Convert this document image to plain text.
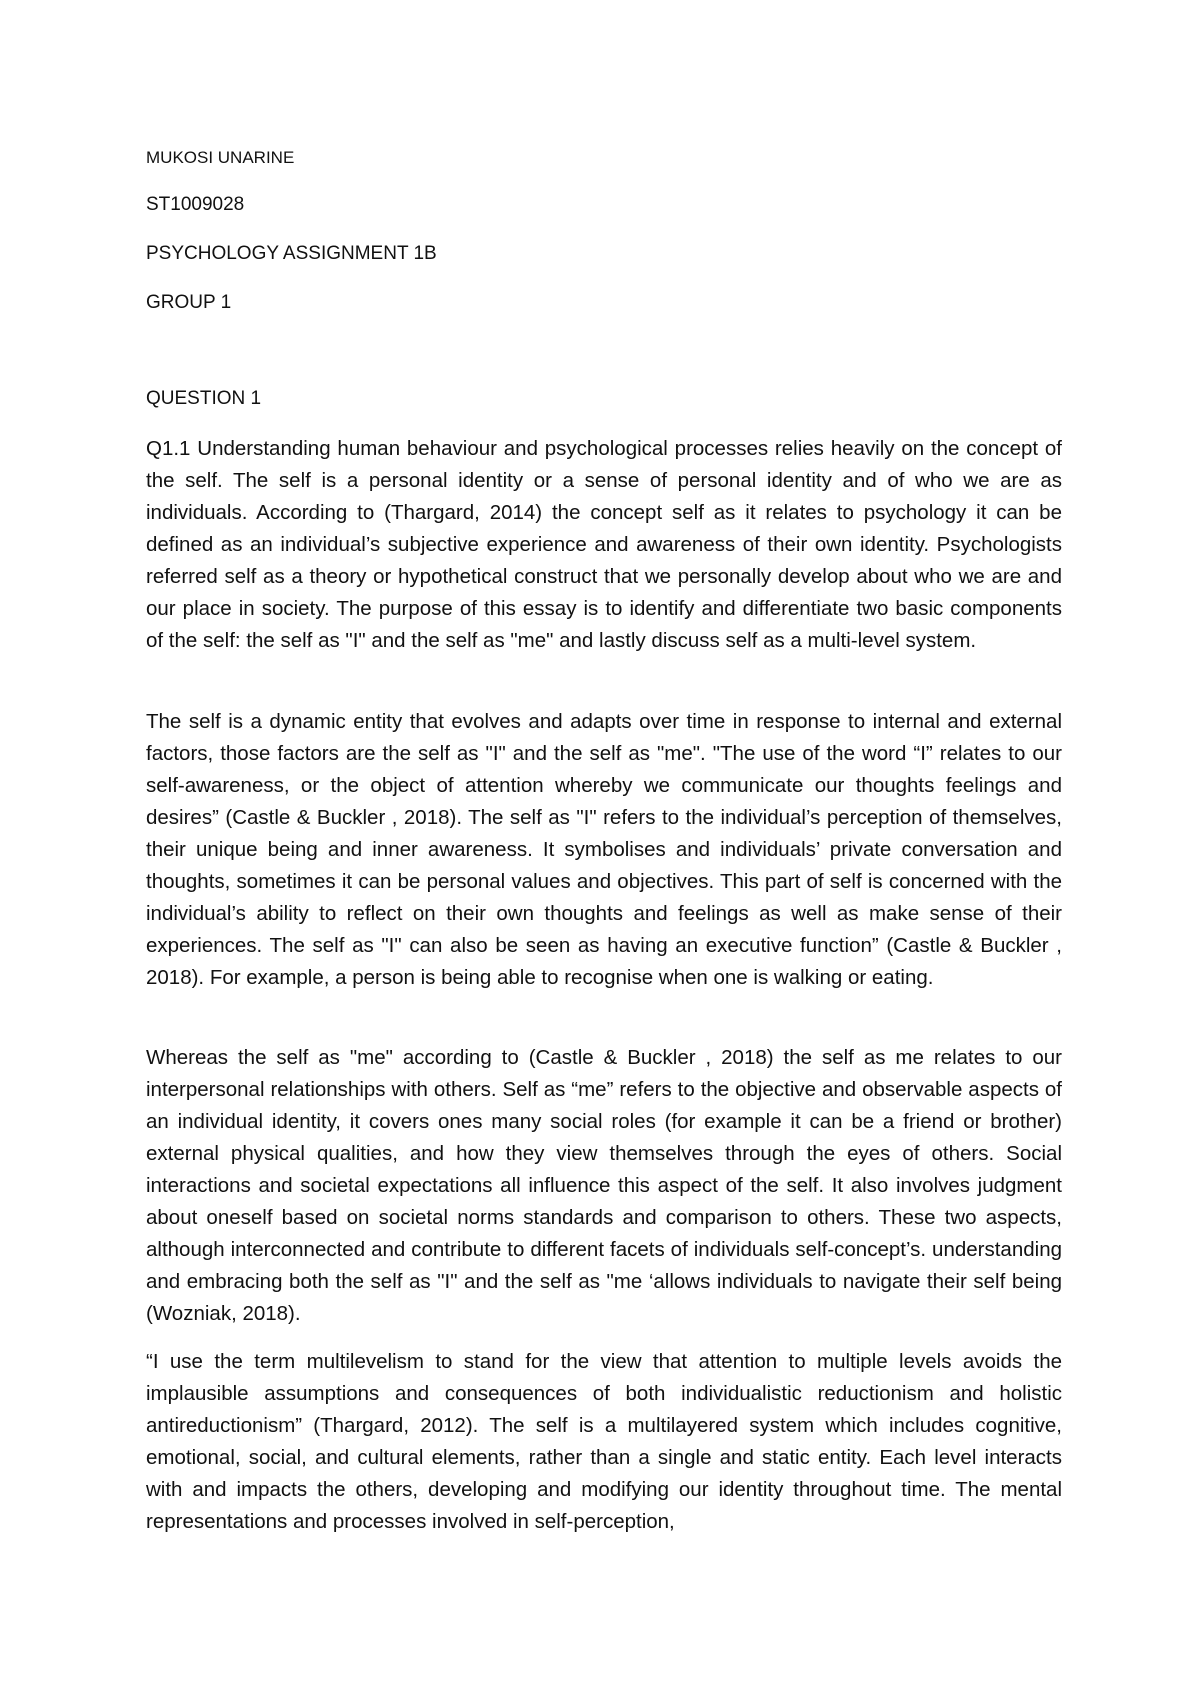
MUKOSI UNARINE
ST1009028
PSYCHOLOGY ASSIGNMENT 1B
GROUP 1
QUESTION 1

Q1.1 Understanding human behaviour and psychological processes relies heavily on the concept of the self. The self is a personal identity or a sense of personal identity and of who we are as individuals. According to (Thargard, 2014) the concept self as it relates to psychology it can be defined as an individual’s subjective experience and awareness of their own identity. Psychologists referred self as a theory or hypothetical construct that we personally develop about who we are and our place in society. The purpose of this essay is to identify and differentiate two basic components of the self: the self as "I" and the self as "me" and lastly discuss self as a multi-level system.

The self is a dynamic entity that evolves and adapts over time in response to internal and external factors, those factors are the self as "I" and the self as "me". "The use of the word “I” relates to our self-awareness, or the object of attention whereby we communicate our thoughts feelings and desires” (Castle & Buckler , 2018). The self as "I" refers to the individual’s perception of themselves, their unique being and inner awareness. It symbolises and individuals’ private conversation and thoughts, sometimes it can be personal values and objectives. This part of self is concerned with the individual’s ability to reflect on their own thoughts and feelings as well as make sense of their experiences. The self as "I" can also be seen as having an executive function” (Castle & Buckler , 2018). For example, a person is being able to recognise when one is walking or eating.

Whereas the self as "me" according to (Castle & Buckler , 2018) the self as me relates to our interpersonal relationships with others. Self as “me” refers to the objective and observable aspects of an individual identity, it covers ones many social roles (for example it can be a friend or brother) external physical qualities, and how they view themselves through the eyes of others. Social interactions and societal expectations all influence this aspect of the self. It also involves judgment about oneself based on societal norms standards and comparison to others. These two aspects, although interconnected and contribute to different facets of individuals self-concept’s. understanding and embracing both the self as "I" and the self as "me ‘allows individuals to navigate their self being (Wozniak, 2018).

“I use the term multilevelism to stand for the view that attention to multiple levels avoids the implausible assumptions and consequences of both individualistic reductionism and holistic antireductionism” (Thargard, 2012). The self is a multilayered system which includes cognitive, emotional, social, and cultural elements, rather than a single and static entity. Each level interacts with and impacts the others, developing and modifying our identity throughout time. The mental representations and processes involved in self-perception,
